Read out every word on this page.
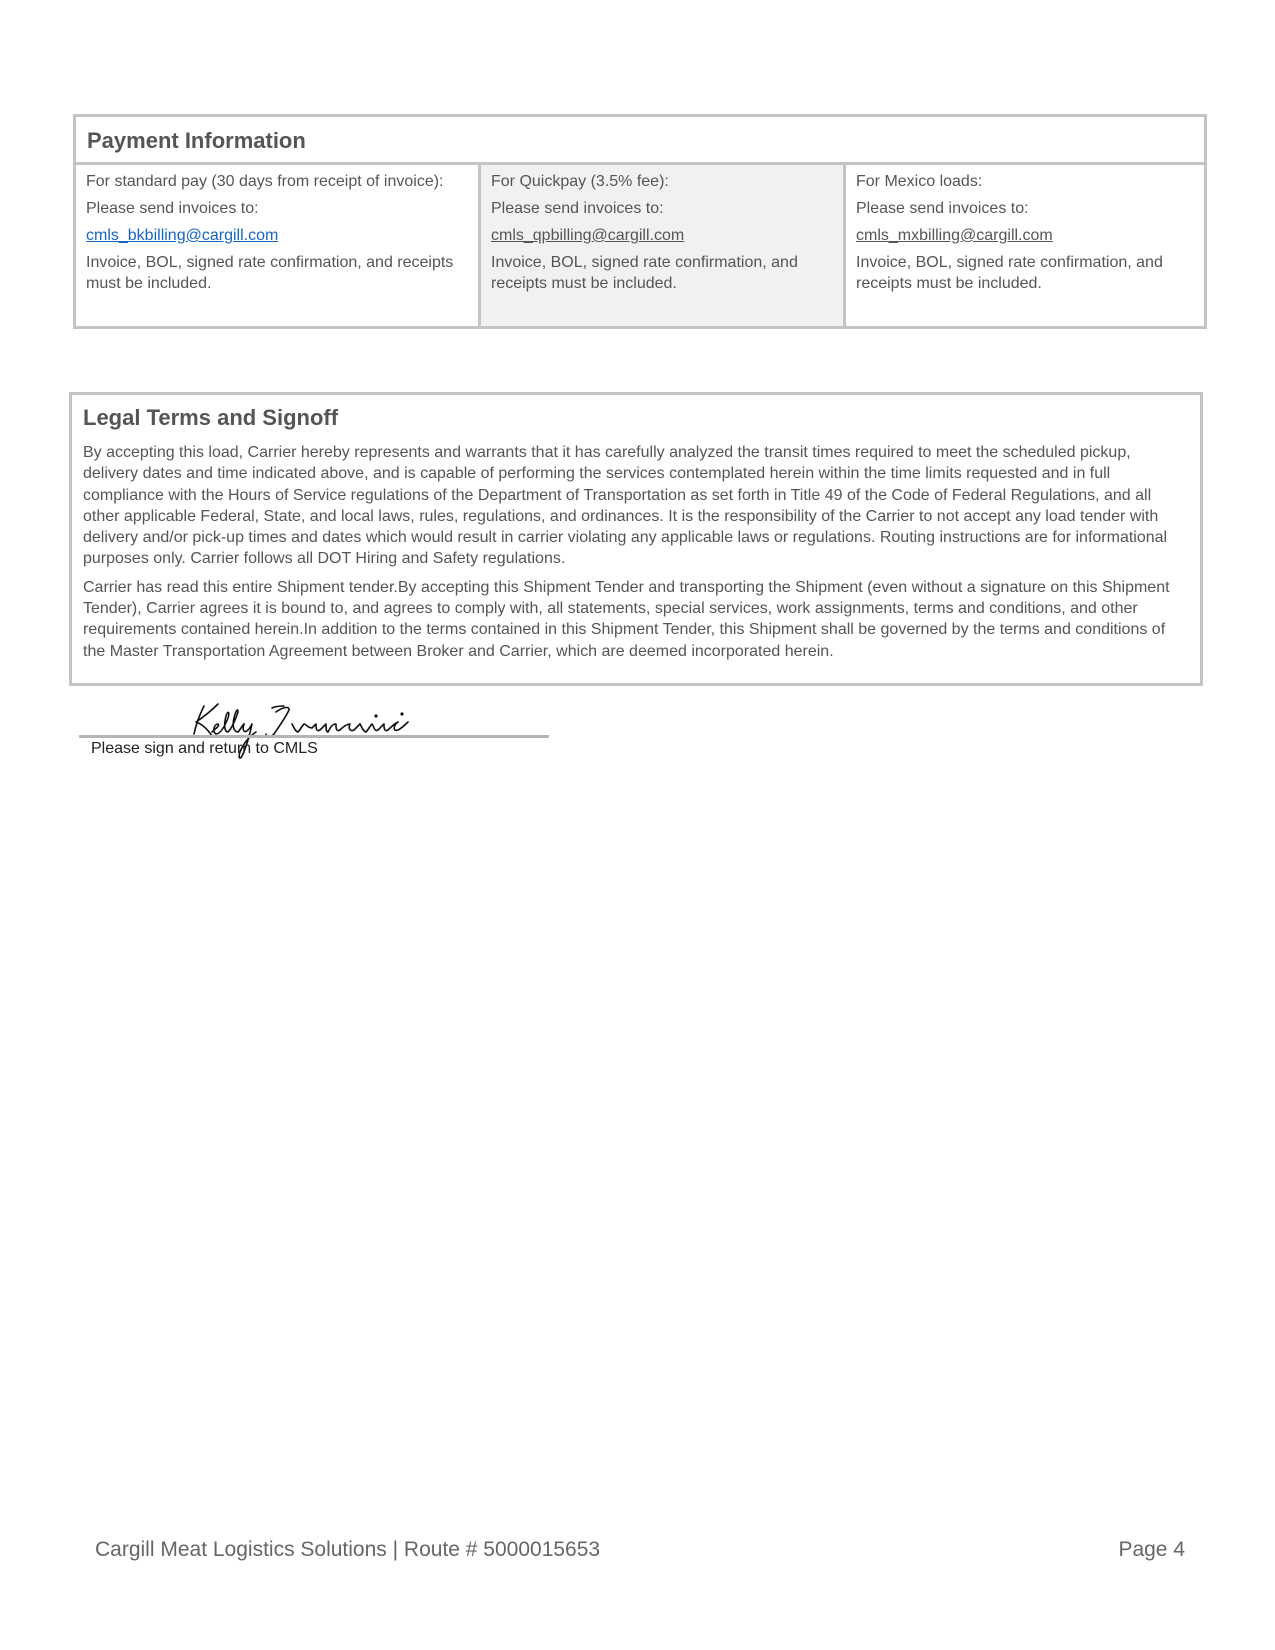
Payment Information

For standard pay (30 days from receipt of invoice):

Please send invoices to:

cmls_bkbilling@cargill.com

Invoice, BOL, signed rate confirmation, and receipts must be included.

For Quickpay (3.5% fee):

Please send invoices to:

cmls_qpbilling@cargill.com

Invoice, BOL, signed rate confirmation, and receipts must be included.

For Mexico loads:

Please send invoices to:

cmls_mxbilling@cargill.com

Invoice, BOL, signed rate confirmation, and receipts must be included.

Legal Terms and Signoff

By accepting this load, Carrier hereby represents and warrants that it has carefully analyzed the transit times required to meet the scheduled pickup, delivery dates and time indicated above, and is capable of performing the services contemplated herein within the time limits requested and in full compliance with the Hours of Service regulations of the Department of Transportation as set forth in Title 49 of the Code of Federal Regulations, and all other applicable Federal, State, and local laws, rules, regulations, and ordinances. It is the responsibility of the Carrier to not accept any load tender with delivery and/or pick-up times and dates which would result in carrier violating any applicable laws or regulations. Routing instructions are for informational purposes only. Carrier follows all DOT Hiring and Safety regulations.

Carrier has read this entire Shipment tender.By accepting this Shipment Tender and transporting the Shipment (even without a signature on this Shipment Tender), Carrier agrees it is bound to, and agrees to comply with, all statements, special services, work assignments, terms and conditions, and other requirements contained herein.In addition to the terms contained in this Shipment Tender, this Shipment shall be governed by the terms and conditions of the Master Transportation Agreement between Broker and Carrier, which are deemed incorporated herein.

Please sign and return to CMLS
Cargill Meat Logistics Solutions | Route # 5000015653	Page 4
